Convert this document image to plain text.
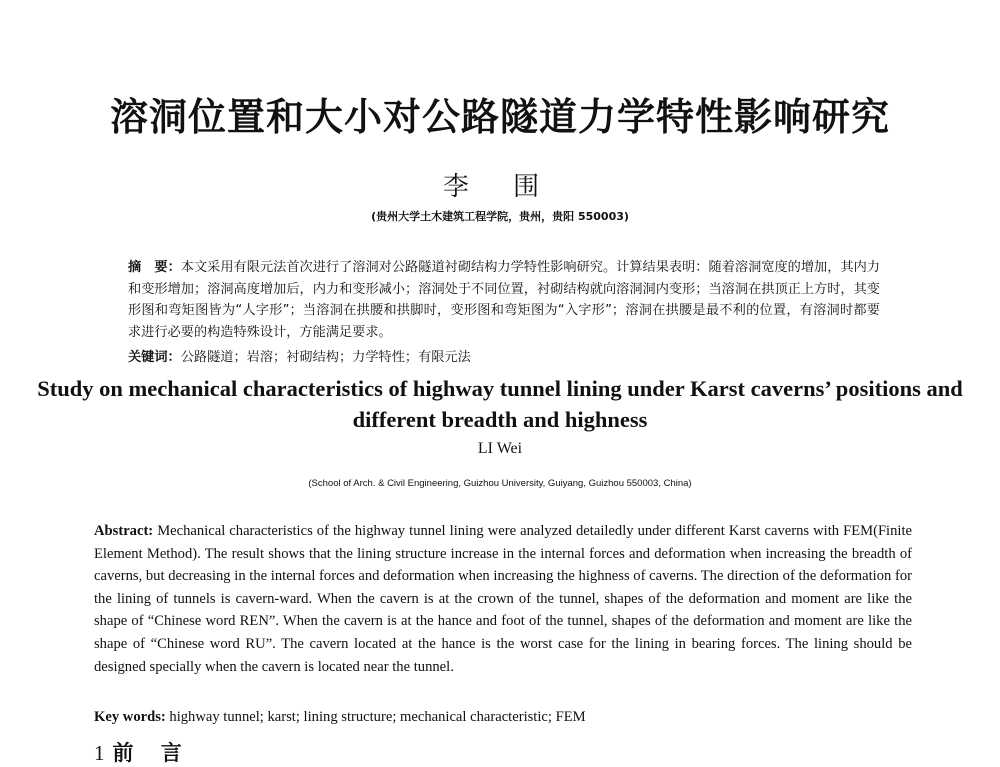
溶洞位置和大小对公路隧道力学特性影响研究

李 围

(贵州大学土木建筑工程学院，贵州，贵阳 550003)

摘　要：本文采用有限元法首次进行了溶洞对公路隧道衬砌结构力学特性影响研究。计算结果表明：随着溶洞宽度的增加，其内力和变形增加；溶洞高度增加后，内力和变形减小；溶洞处于不同位置，衬砌结构就向溶洞洞内变形；当溶洞在拱顶正上方时，其变形图和弯矩图皆为“人字形”；当溶洞在拱腰和拱脚时，变形图和弯矩图为“入字形”；溶洞在拱腰是最不利的位置，有溶洞时都要求进行必要的构造特殊设计，方能满足要求。

关键词：公路隧道；岩溶；衬砌结构；力学特性；有限元法

Study on mechanical characteristics of highway tunnel lining under Karst caverns’ positions and different breadth and highness

LI Wei

(School of Arch. & Civil Engineering, Guizhou University, Guiyang, Guizhou 550003, China)

Abstract: Mechanical characteristics of the highway tunnel lining were analyzed detailedly under different Karst caverns with FEM(Finite Element Method). The result shows that the lining structure increase in the internal forces and deformation when increasing the breadth of caverns, but decreasing in the internal forces and deformation when increasing the highness of caverns. The direction of the deformation for the lining of tunnels is cavern-ward. When the cavern is at the crown of the tunnel, shapes of the deformation and moment are like the shape of “Chinese word REN”. When the cavern is at the hance and foot of the tunnel, shapes of the deformation and moment are like the shape of “Chinese word RU”. The cavern located at the hance is the worst case for the lining in bearing forces. The lining should be designed specially when the cavern is located near the tunnel.

Key words: highway tunnel; karst; lining structure; mechanical characteristic; FEM

1 前 言
